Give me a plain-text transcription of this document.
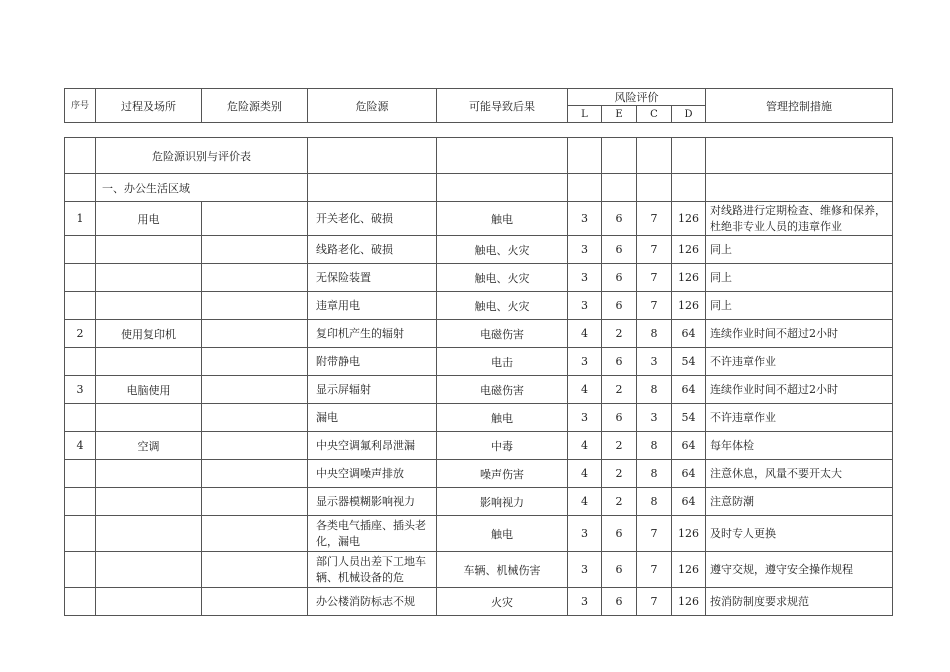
序号	过程及场所	危险源类别	危险源	可能导致后果	风险评价				管理控制措施
					L	E	C	D	
	危险源识别与评价表								
	一、办公生活区域								
1	用电		开关老化、破损	触电	3	6	7	126	对线路进行定期检查、维修和保养，杜绝非专业人员的违章作业
			线路老化、破损	触电、火灾	3	6	7	126	同上
			无保险装置	触电、火灾	3	6	7	126	同上
			违章用电	触电、火灾	3	6	7	126	同上
2	使用复印机		复印机产生的辐射	电磁伤害	4	2	8	64	连续作业时间不超过2小时
			附带静电	电击	3	6	3	54	不许违章作业
3	电脑使用		显示屏辐射	电磁伤害	4	2	8	64	连续作业时间不超过2小时
			漏电	触电	3	6	3	54	不许违章作业
4	空调		中央空调氟利昂泄漏	中毒	4	2	8	64	每年体检
			中央空调噪声排放	噪声伤害	4	2	8	64	注意休息，风量不要开太大
			显示器模糊影响视力	影响视力	4	2	8	64	注意防潮
			各类电气插座、插头老化，漏电	触电	3	6	7	126	及时专人更换
			部门人员出差下工地车辆、机械设备的危	车辆、机械伤害	3	6	7	126	遵守交规，遵守安全操作规程
			办公楼消防标志不规	火灾	3	6	7	126	按消防制度要求规范
